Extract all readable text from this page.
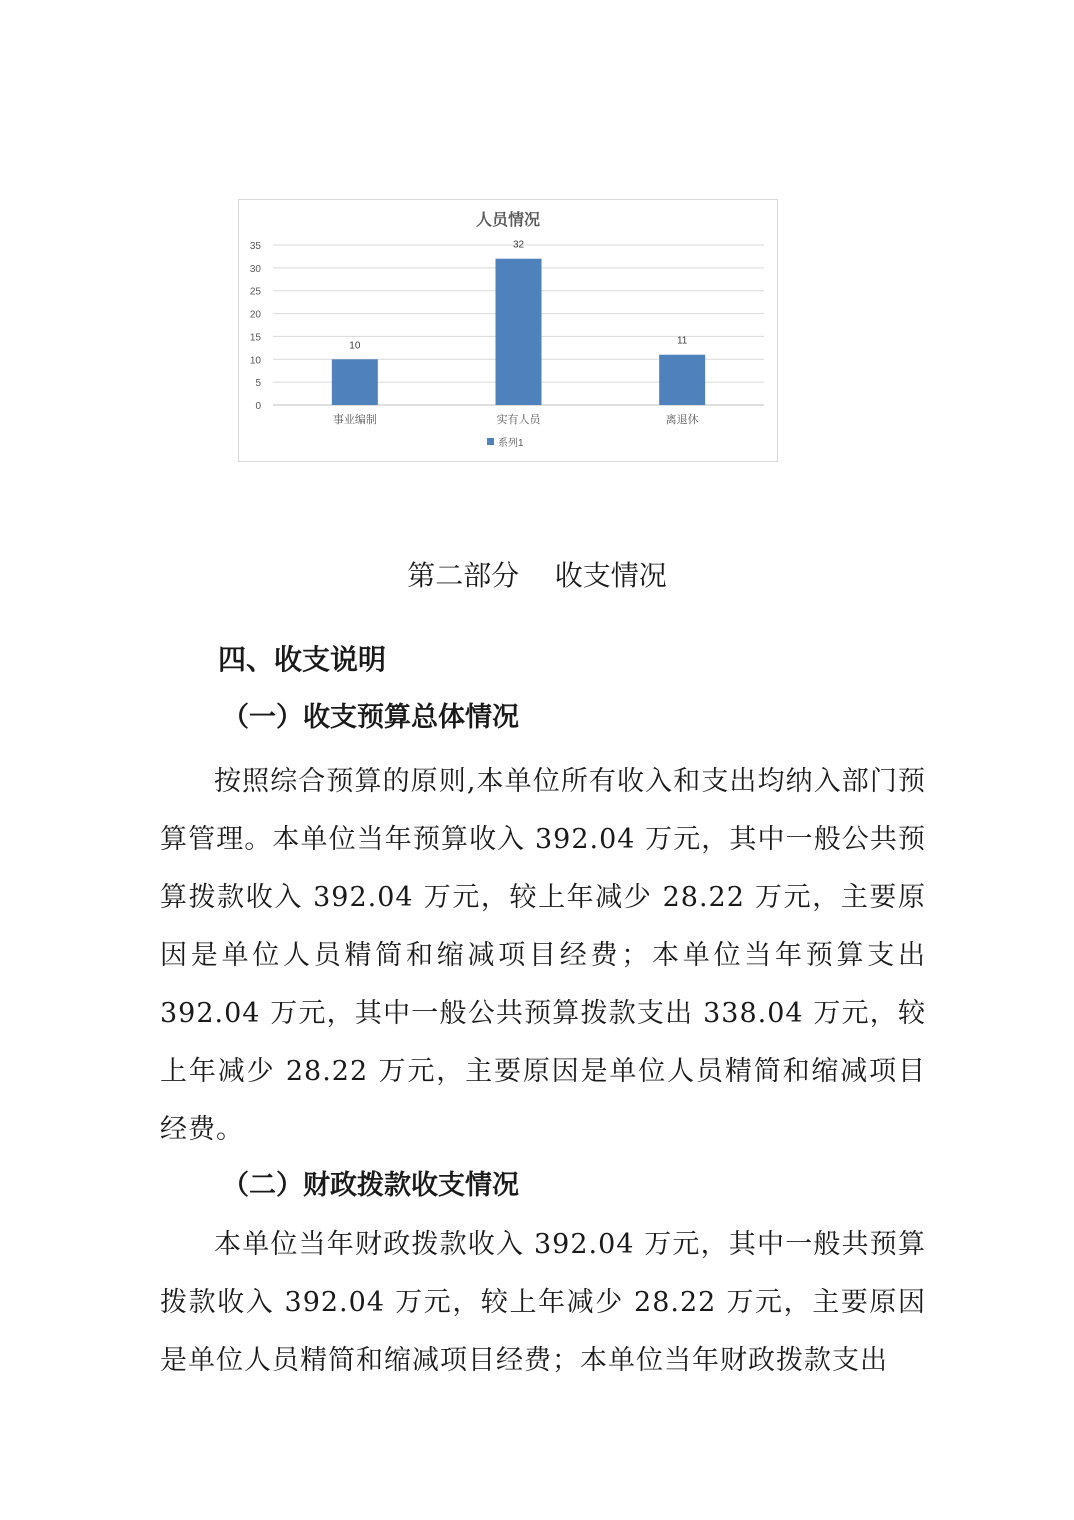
人员情况
0
5
10
15
20
25
30
35
10
事业编制
32
实有人员
11
离退休
系列1
第二部分    收支情况
四、收支说明
（一）收支预算总体情况
按照综合预算的原则,本单位所有收入和支出均纳入部门预算管理。本单位当年预算收入 392.04 万元，其中一般公共预算拨款收入 392.04 万元，较上年减少 28.22 万元，主要原因是单位人员精简和缩减项目经费；本单位当年预算支出 392.04 万元，其中一般公共预算拨款支出 338.04 万元，较上年减少 28.22 万元，主要原因是单位人员精简和缩减项目经费。
（二）财政拨款收支情况
本单位当年财政拨款收入 392.04 万元，其中一般共预算拨款收入 392.04 万元，较上年减少 28.22 万元，主要原因是单位人员精简和缩减项目经费；本单位当年财政拨款支出
